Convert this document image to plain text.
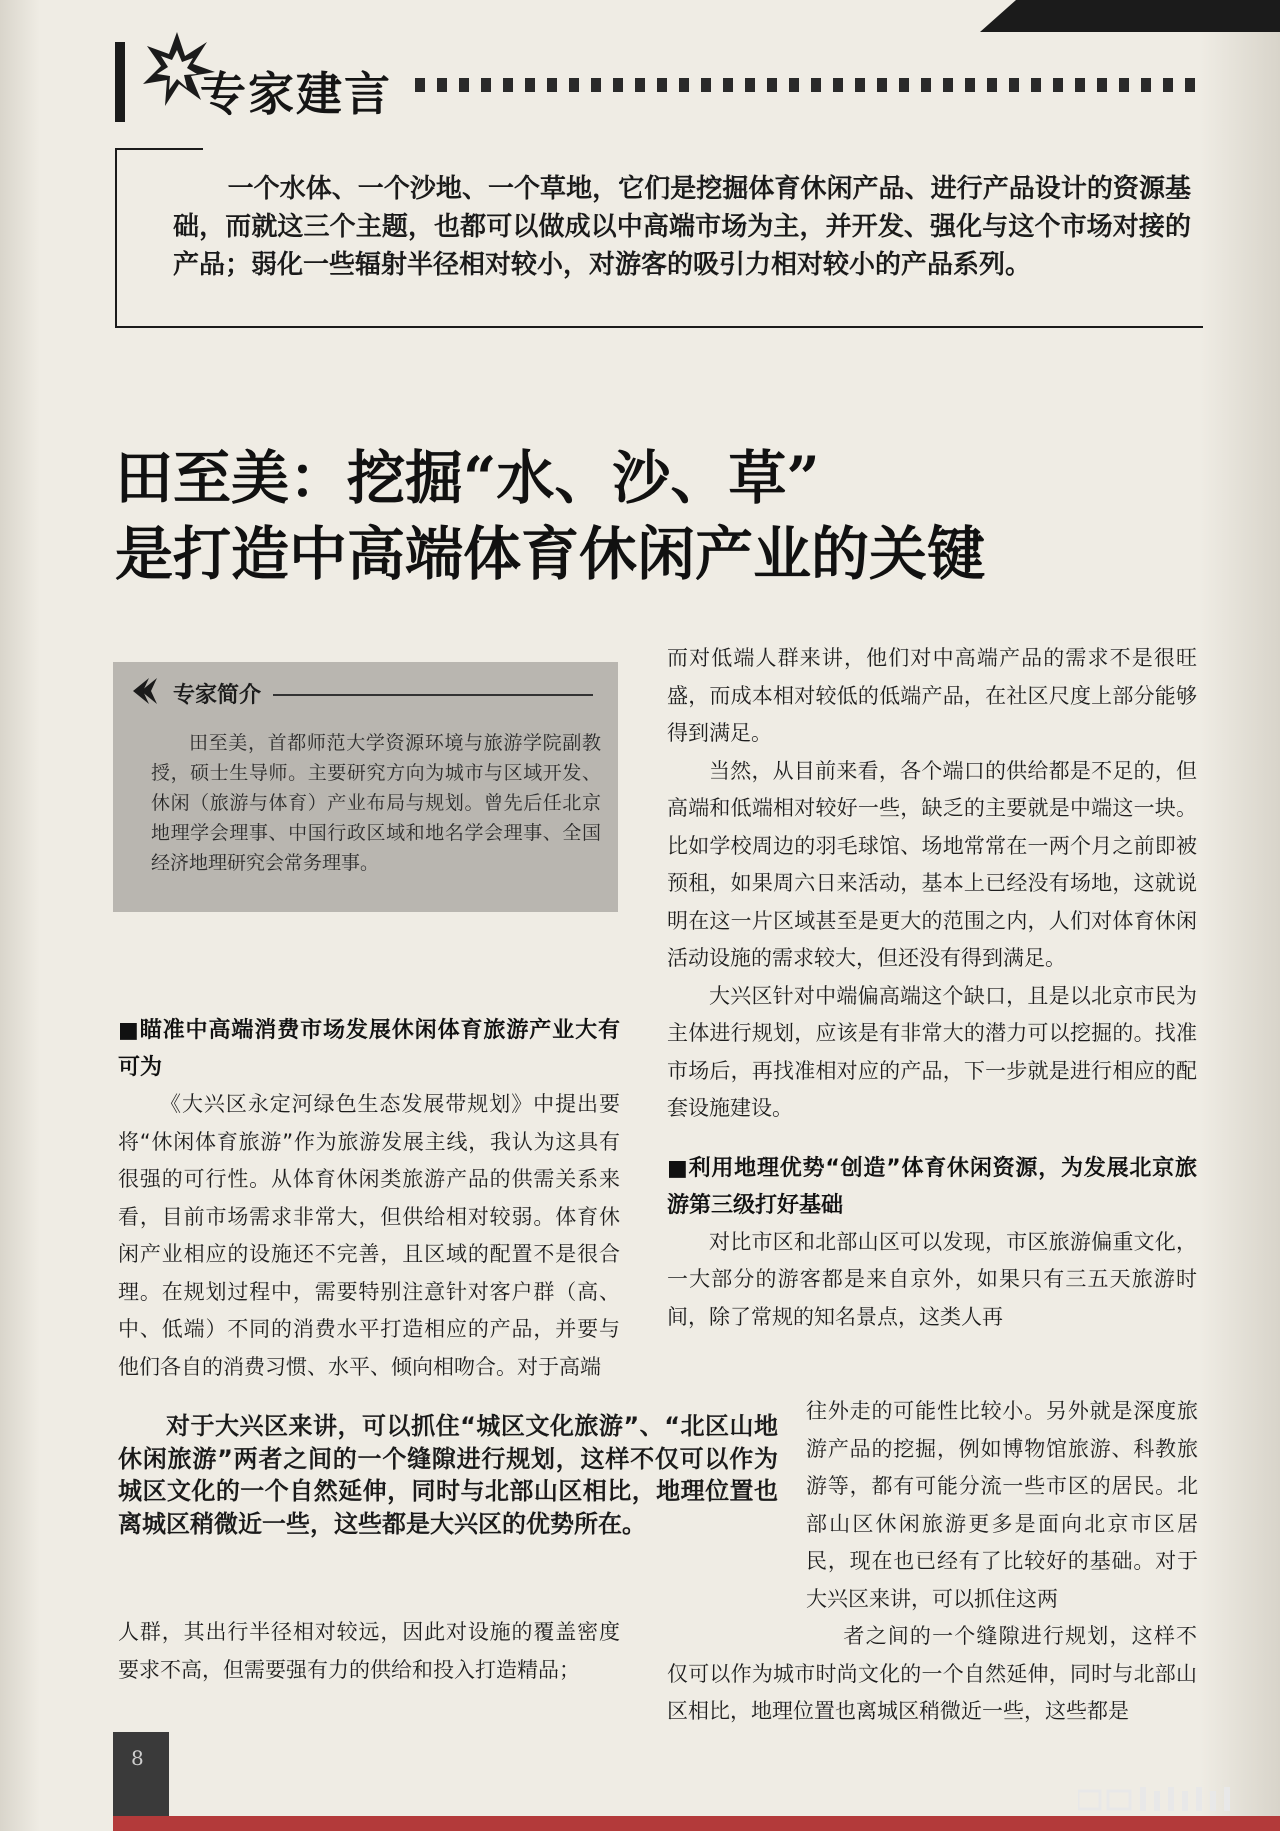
专家建言
一个水体、一个沙地、一个草地，它们是挖掘体育休闲产品、进行产品设计的资源基础，而就这三个主题，也都可以做成以中高端市场为主，并开发、强化与这个市场对接的产品；弱化一些辐射半径相对较小，对游客的吸引力相对较小的产品系列。
田至美：挖掘“水、沙、草”
是打造中高端体育休闲产业的关键
专家简介
田至美，首都师范大学资源环境与旅游学院副教授，硕士生导师。主要研究方向为城市与区域开发、休闲（旅游与体育）产业布局与规划。曾先后任北京地理学会理事、中国行政区域和地名学会理事、全国经济地理研究会常务理事。

■瞄准中高端消费市场发展休闲体育旅游产业大有可为

《大兴区永定河绿色生态发展带规划》中提出要将“休闲体育旅游”作为旅游发展主线，我认为这具有很强的可行性。从体育休闲类旅游产品的供需关系来看，目前市场需求非常大，但供给相对较弱。体育休闲产业相应的设施还不完善，且区域的配置不是很合理。在规划过程中，需要特别注意针对客户群（高、中、低端）不同的消费水平打造相应的产品，并要与他们各自的消费习惯、水平、倾向相吻合。对于高端

对于大兴区来讲，可以抓住“城区文化旅游”、“北区山地休闲旅游”两者之间的一个缝隙进行规划，这样不仅可以作为城区文化的一个自然延伸，同时与北部山区相比，地理位置也离城区稍微近一些，这些都是大兴区的优势所在。

人群，其出行半径相对较远，因此对设施的覆盖密度要求不高，但需要强有力的供给和投入打造精品；

而对低端人群来讲，他们对中高端产品的需求不是很旺盛，而成本相对较低的低端产品，在社区尺度上部分能够得到满足。

当然，从目前来看，各个端口的供给都是不足的，但高端和低端相对较好一些，缺乏的主要就是中端这一块。比如学校周边的羽毛球馆、场地常常在一两个月之前即被预租，如果周六日来活动，基本上已经没有场地，这就说明在这一片区域甚至是更大的范围之内，人们对体育休闲活动设施的需求较大，但还没有得到满足。

大兴区针对中端偏高端这个缺口，且是以北京市民为主体进行规划，应该是有非常大的潜力可以挖掘的。找准市场后，再找准相对应的产品，下一步就是进行相应的配套设施建设。

■利用地理优势“创造”体育休闲资源，为发展北京旅游第三级打好基础

对比市区和北部山区可以发现，市区旅游偏重文化，一大部分的游客都是来自京外，如果只有三五天旅游时间，除了常规的知名景点，这类人再

往外走的可能性比较小。另外就是深度旅游产品的挖掘，例如博物馆旅游、科教旅游等，都有可能分流一些市区的居民。北部山区休闲旅游更多是面向北京市区居民，现在也已经有了比较好的基础。对于大兴区来讲，可以抓住这两

者之间的一个缝隙进行规划，这样不仅可以作为城市时尚文化的一个自然延伸，同时与北部山区相比，地理位置也离城区稍微近一些，这些都是

8
